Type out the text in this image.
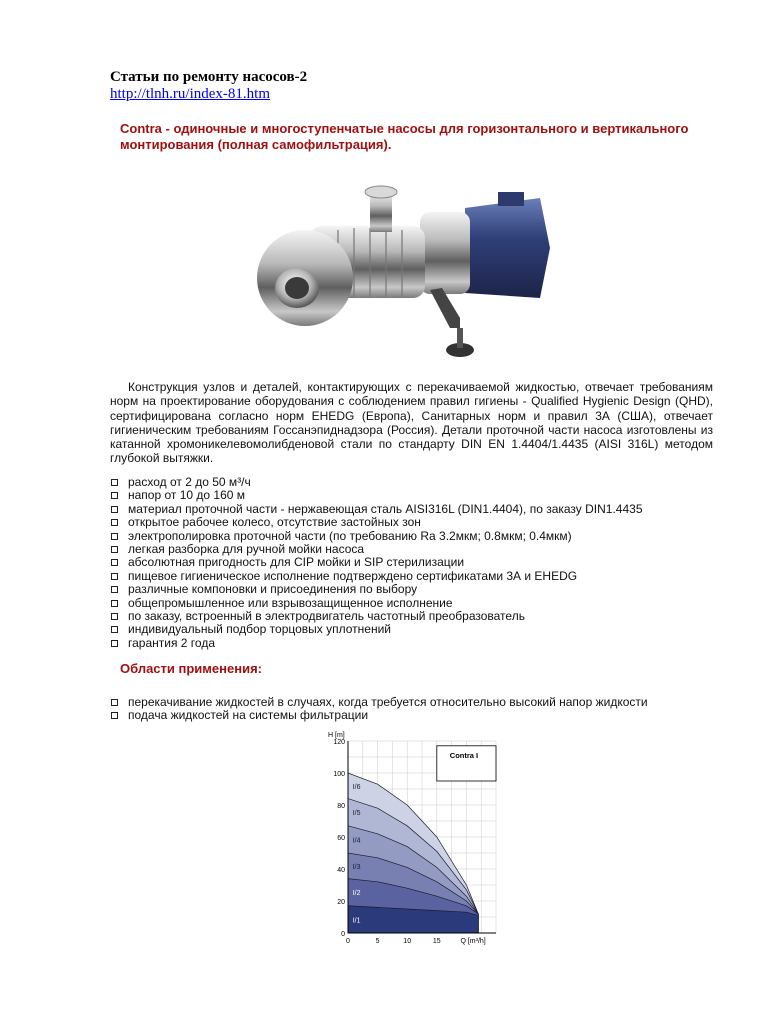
Статьи по ремонту насосов-2
http://tlnh.ru/index-81.htm
Contra - одиночные и многоступенчатые насосы для горизонтального и вертикального монтирования (полная самофильтрация).

Конструкция узлов и деталей, контактирующих с перекачиваемой жидкостью, отвечает требованиям норм на проектирование оборудования с соблюдением правил гигиены - Qualified Hygienic Design (QHD), сертифицирована согласно норм EHEDG (Европа), Санитарных норм и правил 3А (США), отвечает гигиеническим требованиям Госсанэпиднадзора (Россия). Детали проточной части насоса изготовлены из катанной хромоникелевомолибденовой стали по стандарту DIN EN 1.4404/1.4435 (AISI 316L) методом глубокой вытяжки.

расход от 2 до 50 м³/ч
напор от 10 до 160 м
материал проточной части - нержавеющая сталь AISI316L (DIN1.4404), по заказу DIN1.4435
открытое рабочее колесо, отсутствие застойных зон
электрополировка проточной части (по требованию Ra 3.2мкм; 0.8мкм; 0.4мкм)
легкая разборка для ручной мойки насоса
абсолютная пригодность для CIP мойки и SIP стерилизации
пищевое гигиеническое исполнение подтверждено сертификатами 3А и EHEDG
различные компоновки и присоединения по выбору
общепромышленное или взрывозащищенное исполнение
по заказу, встроенный в электродвигатель частотный преобразователь
индивидуальный подбор торцовых уплотнений
гарантия 2 года
Области применения:
перекачивание жидкостей в случаях, когда требуется относительно высокий напор жидкости
подача жидкостей на системы фильтрации
I/6
I/5
I/4
I/3
I/2
I/1
0
20
40
60
80
100
120
0	5	10	15
H [m]
Q [m³/h]
Contra I
